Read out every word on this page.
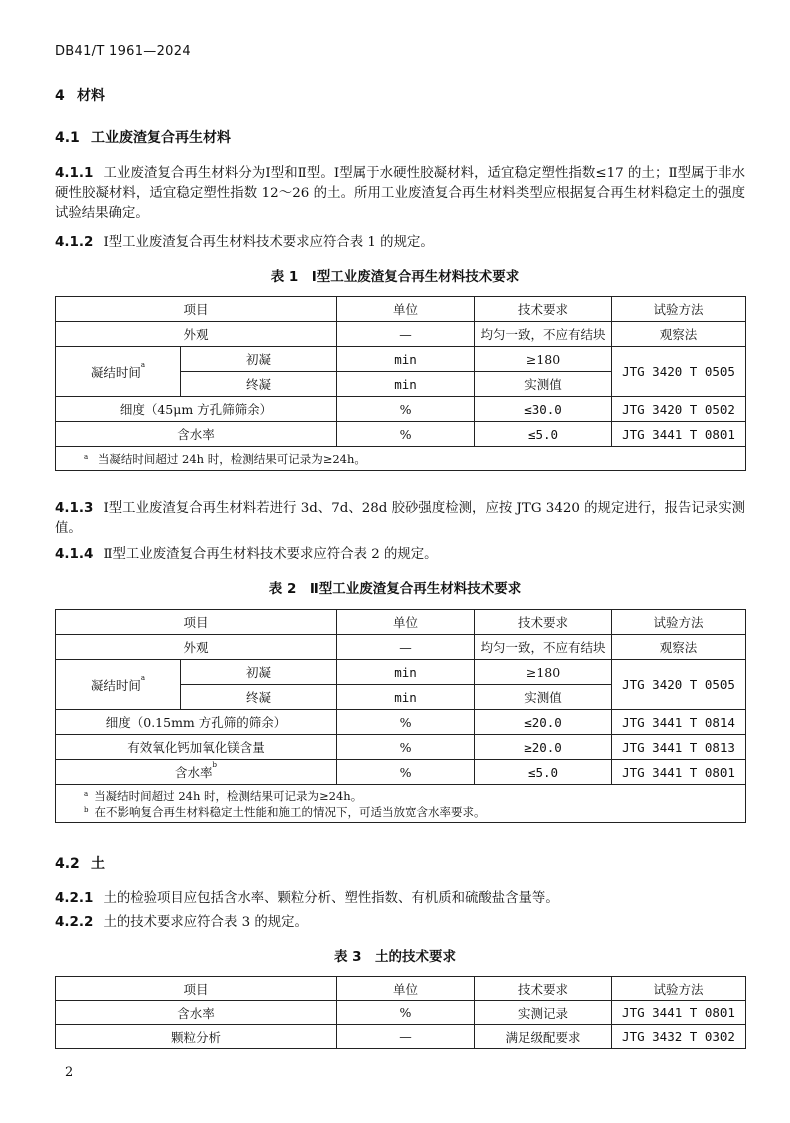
DB41/T 1961—2024
4 材料
4.1 工业废渣复合再生材料
4.1.1 工业废渣复合再生材料分为Ⅰ型和Ⅱ型。Ⅰ型属于水硬性胶凝材料，适宜稳定塑性指数≤17 的土；Ⅱ型属于非水硬性胶凝材料，适宜稳定塑性指数 12～26 的土。所用工业废渣复合再生材料类型应根据复合再生材料稳定土的强度试验结果确定。
4.1.2 Ⅰ型工业废渣复合再生材料技术要求应符合表 1 的规定。
表 1　Ⅰ型工业废渣复合再生材料技术要求
项目		单位	技术要求	试验方法
外观		—	均匀一致，不应有结块	观察法
凝结时间$^a$	初凝	min	≥180	JTG 3420 T 0505
	终凝	min	实测值	
细度（45μm 方孔筛筛余）		%	≤30.0	JTG 3420 T 0502
含水率		%	≤5.0	JTG 3441 T 0801
$^a$ 当凝结时间超过 24h 时，检测结果可记录为≥24h。				
4.1.3 Ⅰ型工业废渣复合再生材料若进行 3d、7d、28d 胶砂强度检测，应按 JTG 3420 的规定进行，报告记录实测值。
4.1.4 Ⅱ型工业废渣复合再生材料技术要求应符合表 2 的规定。
表 2　Ⅱ型工业废渣复合再生材料技术要求
项目		单位	技术要求	试验方法
外观		—	均匀一致，不应有结块	观察法
凝结时间$^a$	初凝	min	≥180	JTG 3420 T 0505
	终凝	min	实测值	
细度（0.15mm 方孔筛的筛余）		%	≤20.0	JTG 3441 T 0814
有效氧化钙加氧化镁含量		%	≥20.0	JTG 3441 T 0813
含水率$^b$		%	≤5.0	JTG 3441 T 0801

$^a$ 当凝结时间超过 24h 时，检测结果可记录为≥24h。
$^b$ 在不影响复合再生材料稳定土性能和施工的情况下，可适当放宽含水率要求。				
4.2 土
4.2.1 土的检验项目应包括含水率、颗粒分析、塑性指数、有机质和硫酸盐含量等。
4.2.2 土的技术要求应符合表 3 的规定。
表 3　土的技术要求
项目	单位	技术要求	试验方法
含水率	%	实测记录	JTG 3441 T 0801
颗粒分析	—	满足级配要求	JTG 3432 T 0302
2
